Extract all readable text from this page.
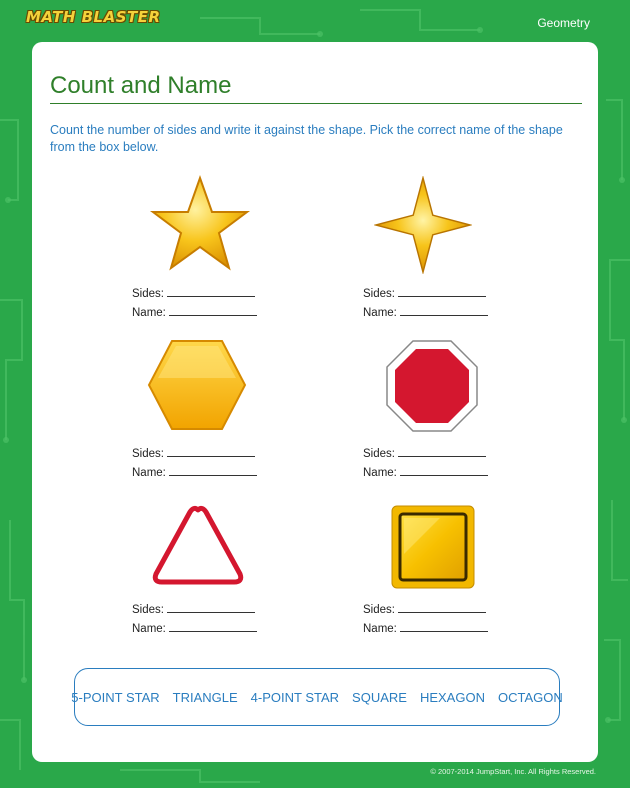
MATH BLASTER	Geometry
Count and Name

Count the number of sides and write it against the shape. Pick the correct name of the shape from the box below.

Sides:
Name:
Sides:
Name:
Sides:
Name:
Sides:
Name:
Sides:
Name:
Sides:
Name:
5-POINT STAR TRIANGLE 4-POINT STAR SQUARE HEXAGON OCTAGON
© 2007-2014 JumpStart, Inc. All Rights Reserved.
